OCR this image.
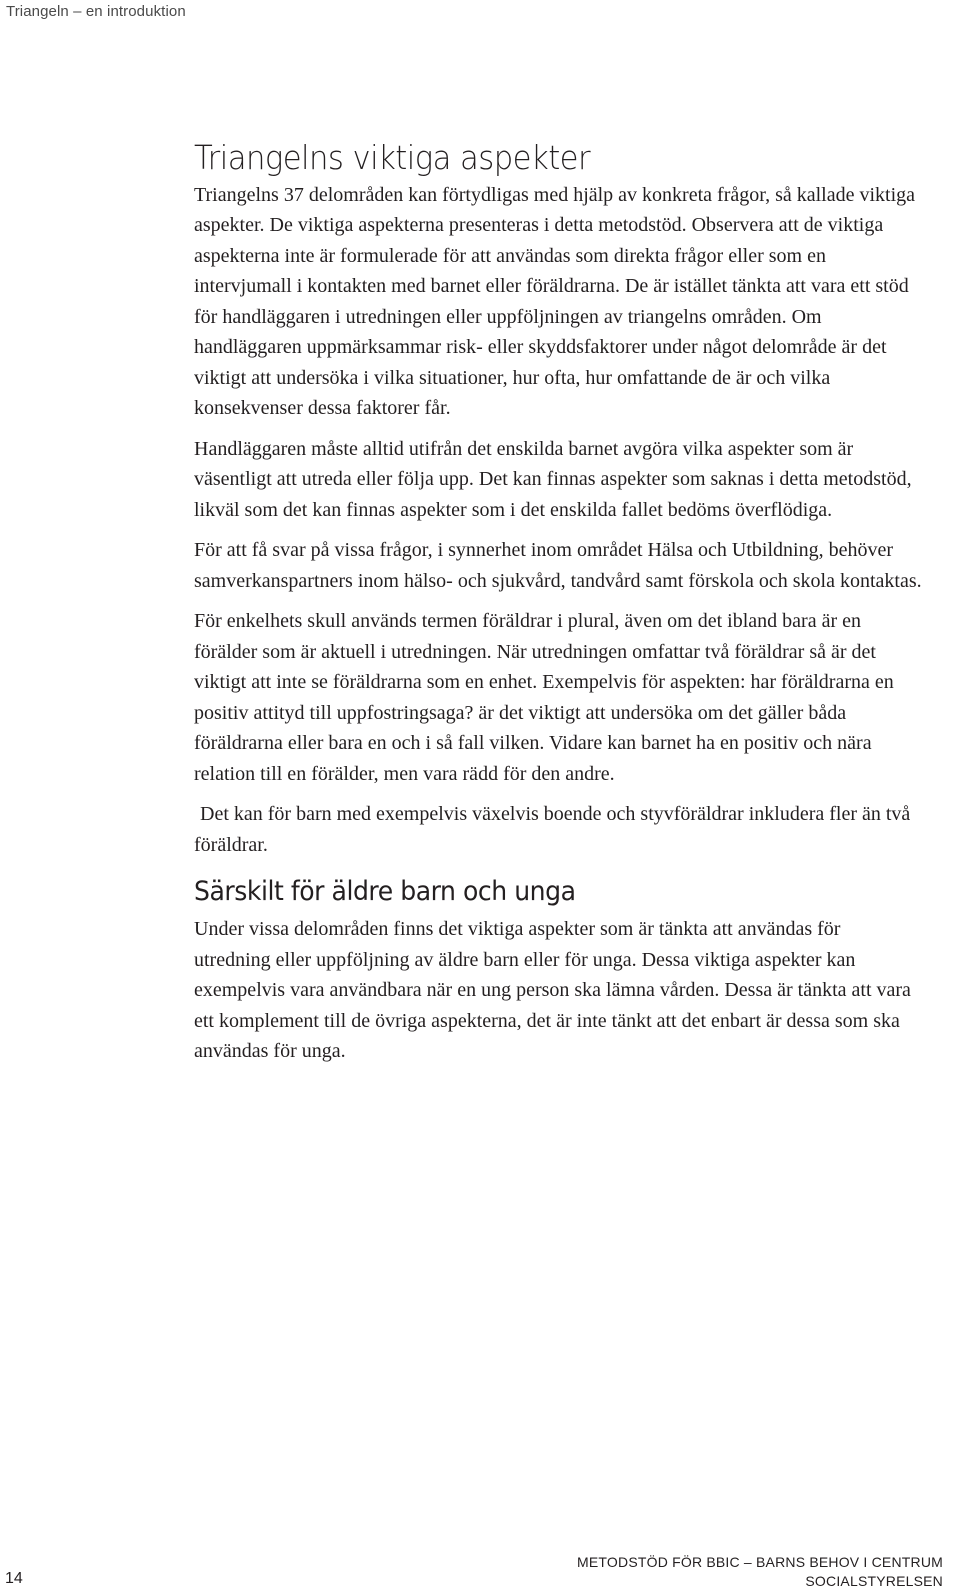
Triangeln – en introduktion
Triangelns viktiga aspekter

Triangelns 37 delområden kan förtydligas med hjälp av konkreta frågor, så kallade viktiga aspekter. De viktiga aspekterna presenteras i detta metodstöd. Observera att de viktiga aspekterna inte är formulerade för att användas som direkta frågor eller som en intervjumall i kontakten med barnet eller föräldrarna. De är istället tänkta att vara ett stöd för handläggaren i utredningen eller uppföljningen av triangelns områden. Om handläggaren uppmärksammar risk- eller skyddsfaktorer under något delområde är det viktigt att undersöka i vilka situationer, hur ofta, hur omfattande de är och vilka konsekvenser dessa faktorer får.

Handläggaren måste alltid utifrån det enskilda barnet avgöra vilka aspekter som är väsentligt att utreda eller följa upp. Det kan finnas aspekter som saknas i detta metodstöd, likväl som det kan finnas aspekter som i det enskilda fallet bedöms överflödiga.

För att få svar på vissa frågor, i synnerhet inom området Hälsa och Utbildning, behöver samverkanspartners inom hälso- och sjukvård, tandvård samt förskola och skola kontaktas.

För enkelhets skull används termen föräldrar i plural, även om det ibland bara är en förälder som är aktuell i utredningen. När utredningen omfattar två föräldrar så är det viktigt att inte se föräldrarna som en enhet. Exempelvis för aspekten: har föräldrarna en positiv attityd till uppfostringsaga? är det viktigt att undersöka om det gäller båda föräldrarna eller bara en och i så fall vilken. Vidare kan barnet ha en positiv och nära relation till en förälder, men vara rädd för den andre.

Det kan för barn med exempelvis växelvis boende och styvföräldrar inkludera fler än två föräldrar.

Särskilt för äldre barn och unga

Under vissa delområden finns det viktiga aspekter som är tänkta att användas för utredning eller uppföljning av äldre barn eller för unga. Dessa viktiga aspekter kan exempelvis vara användbara när en ung person ska lämna vården. Dessa är tänkta att vara ett komplement till de övriga aspekterna, det är inte tänkt att det enbart är dessa som ska användas för unga.

14
METODSTÖD FÖR BBIC – BARNS BEHOV I CENTRUM
SOCIALSTYRELSEN
